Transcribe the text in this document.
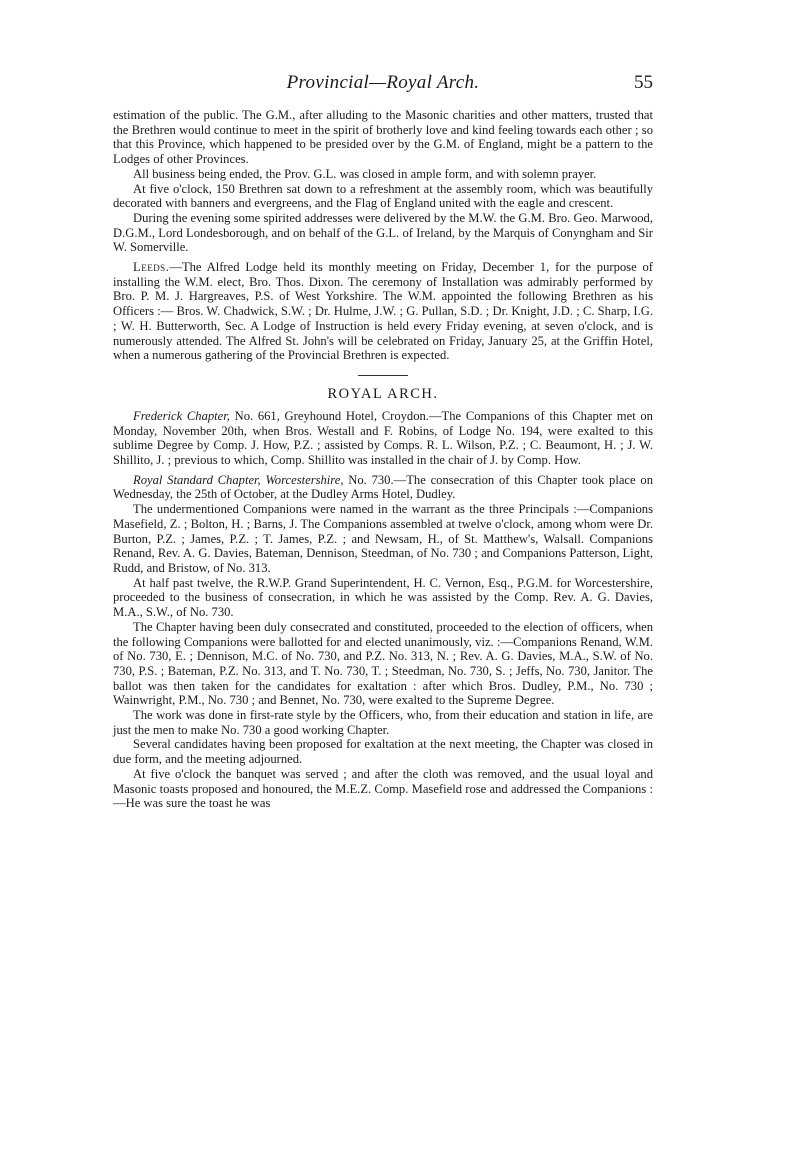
Provincial—Royal Arch.	55

estimation of the public. The G.M., after alluding to the Masonic charities and other matters, trusted that the Brethren would continue to meet in the spirit of brotherly love and kind feeling towards each other ; so that this Province, which happened to be presided over by the G.M. of England, might be a pattern to the Lodges of other Provinces.

All business being ended, the Prov. G.L. was closed in ample form, and with solemn prayer.

At five o'clock, 150 Brethren sat down to a refreshment at the assembly room, which was beautifully decorated with banners and evergreens, and the Flag of England united with the eagle and crescent.

During the evening some spirited addresses were delivered by the M.W. the G.M. Bro. Geo. Marwood, D.G.M., Lord Londesborough, and on behalf of the G.L. of Ireland, by the Marquis of Conyngham and Sir W. Somerville.

Leeds.—The Alfred Lodge held its monthly meeting on Friday, December 1, for the purpose of installing the W.M. elect, Bro. Thos. Dixon. The ceremony of Installation was admirably performed by Bro. P. M. J. Hargreaves, P.S. of West Yorkshire. The W.M. appointed the following Brethren as his Officers :— Bros. W. Chadwick, S.W. ; Dr. Hulme, J.W. ; G. Pullan, S.D. ; Dr. Knight, J.D. ; C. Sharp, I.G. ; W. H. Butterworth, Sec. A Lodge of Instruction is held every Friday evening, at seven o'clock, and is numerously attended. The Alfred St. John's will be celebrated on Friday, January 25, at the Griffin Hotel, when a numerous gathering of the Provincial Brethren is expected.

ROYAL ARCH.

Frederick Chapter, No. 661, Greyhound Hotel, Croydon.—The Companions of this Chapter met on Monday, November 20th, when Bros. Westall and F. Robins, of Lodge No. 194, were exalted to this sublime Degree by Comp. J. How, P.Z. ; assisted by Comps. R. L. Wilson, P.Z. ; C. Beaumont, H. ; J. W. Shillito, J. ; previous to which, Comp. Shillito was installed in the chair of J. by Comp. How.

Royal Standard Chapter, Worcestershire, No. 730.—The consecration of this Chapter took place on Wednesday, the 25th of October, at the Dudley Arms Hotel, Dudley.

The undermentioned Companions were named in the warrant as the three Principals :—Companions Masefield, Z. ; Bolton, H. ; Barns, J. The Companions assembled at twelve o'clock, among whom were Dr. Burton, P.Z. ; James, P.Z. ; T. James, P.Z. ; and Newsam, H., of St. Matthew's, Walsall. Companions Renand, Rev. A. G. Davies, Bateman, Dennison, Steedman, of No. 730 ; and Companions Patterson, Light, Rudd, and Bristow, of No. 313.

At half past twelve, the R.W.P. Grand Superintendent, H. C. Vernon, Esq., P.G.M. for Worcestershire, proceeded to the business of consecration, in which he was assisted by the Comp. Rev. A. G. Davies, M.A., S.W., of No. 730.

The Chapter having been duly consecrated and constituted, proceeded to the election of officers, when the following Companions were ballotted for and elected unanimously, viz. :—Companions Renand, W.M. of No. 730, E. ; Dennison, M.C. of No. 730, and P.Z. No. 313, N. ; Rev. A. G. Davies, M.A., S.W. of No. 730, P.S. ; Bateman, P.Z. No. 313, and T. No. 730, T. ; Steedman, No. 730, S. ; Jeffs, No. 730, Janitor. The ballot was then taken for the candidates for exaltation : after which Bros. Dudley, P.M., No. 730 ; Wainwright, P.M., No. 730 ; and Bennet, No. 730, were exalted to the Supreme Degree.

The work was done in first-rate style by the Officers, who, from their education and station in life, are just the men to make No. 730 a good working Chapter.

Several candidates having been proposed for exaltation at the next meeting, the Chapter was closed in due form, and the meeting adjourned.

At five o'clock the banquet was served ; and after the cloth was removed, and the usual loyal and Masonic toasts proposed and honoured, the M.E.Z. Comp. Masefield rose and addressed the Companions :—He was sure the toast he was
